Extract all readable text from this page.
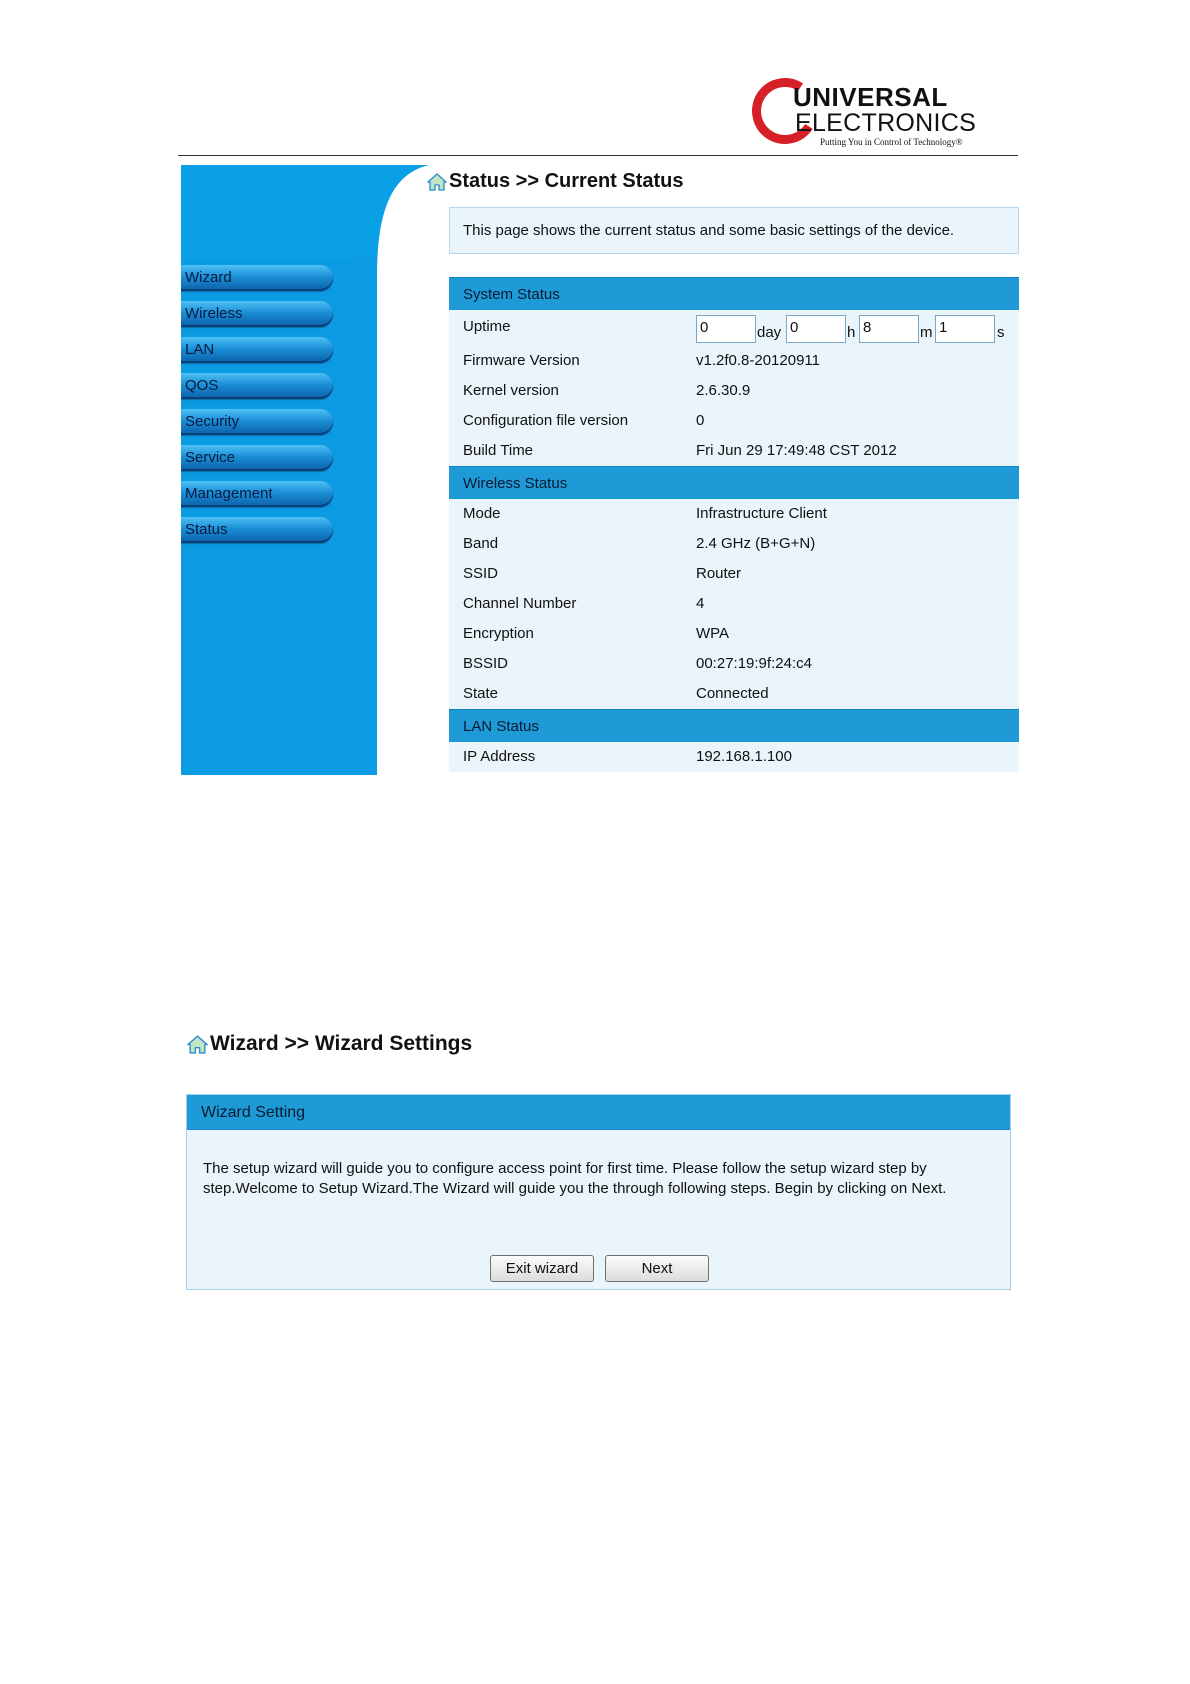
UNIVERSAL
ELECTRONICS
Putting You in Control of Technology®
Wizard
Wireless
LAN
QOS
Security
Service
Management
Status
Status >> Current Status
This page shows the current status and some basic settings of the device.
System Status
Uptime	0	day 0	h 8	m 1	s
Firmware Version	v1.2f0.8-20120911
Kernel version	2.6.30.9
Configuration file version	0
Build Time	Fri Jun 29 17:49:48 CST 2012
Wireless Status
Mode	Infrastructure Client
Band	2.4 GHz (B+G+N)
SSID	Router
Channel Number	4
Encryption	WPA
BSSID	00:27:19:9f:24:c4
State	Connected
LAN Status
IP Address	192.168.1.100
Wizard >> Wizard Settings
Wizard Setting
The setup wizard will guide you to configure access point for first time. Please follow the setup wizard step by step.Welcome to Setup Wizard.The Wizard will guide you the through following steps. Begin by clicking on Next.
Exit wizard	Next
